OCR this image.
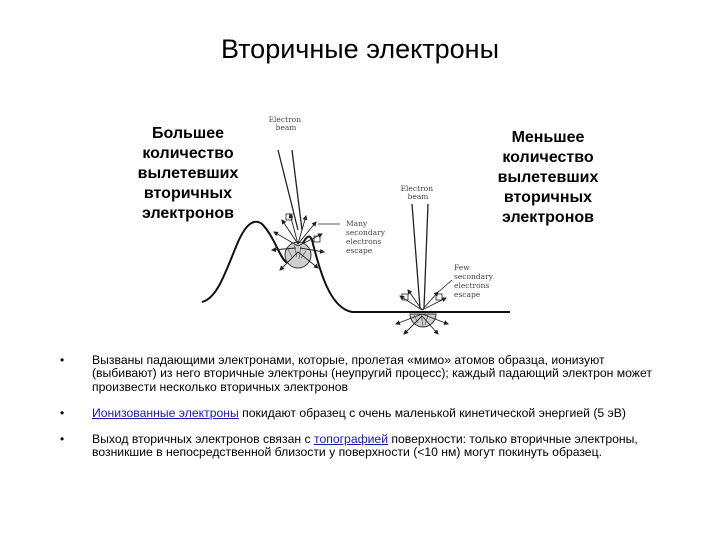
Вторичные электроны
Большее
количество
вылетевших
вторичных
электронов
Меньшее
количество
вылетевших
вторичных
электронов
Electron beam
Electron beam
Many secondary electrons escape
Few secondary electrons escape
• Вызваны падающими электронами, которые, пролетая «мимо» атомов образца, ионизуют (выбивают) из него вторичные электроны (неупругий процесс); каждый падающий электрон может произвести несколько вторичных электронов
• Ионизованные электроны покидают образец с очень маленькой кинетической энергией (5 эВ)
• Выход вторичных электронов связан с топографией поверхности: только вторичные электроны, возникшие в непосредственной близости у поверхности (<10 нм) могут покинуть образец.
